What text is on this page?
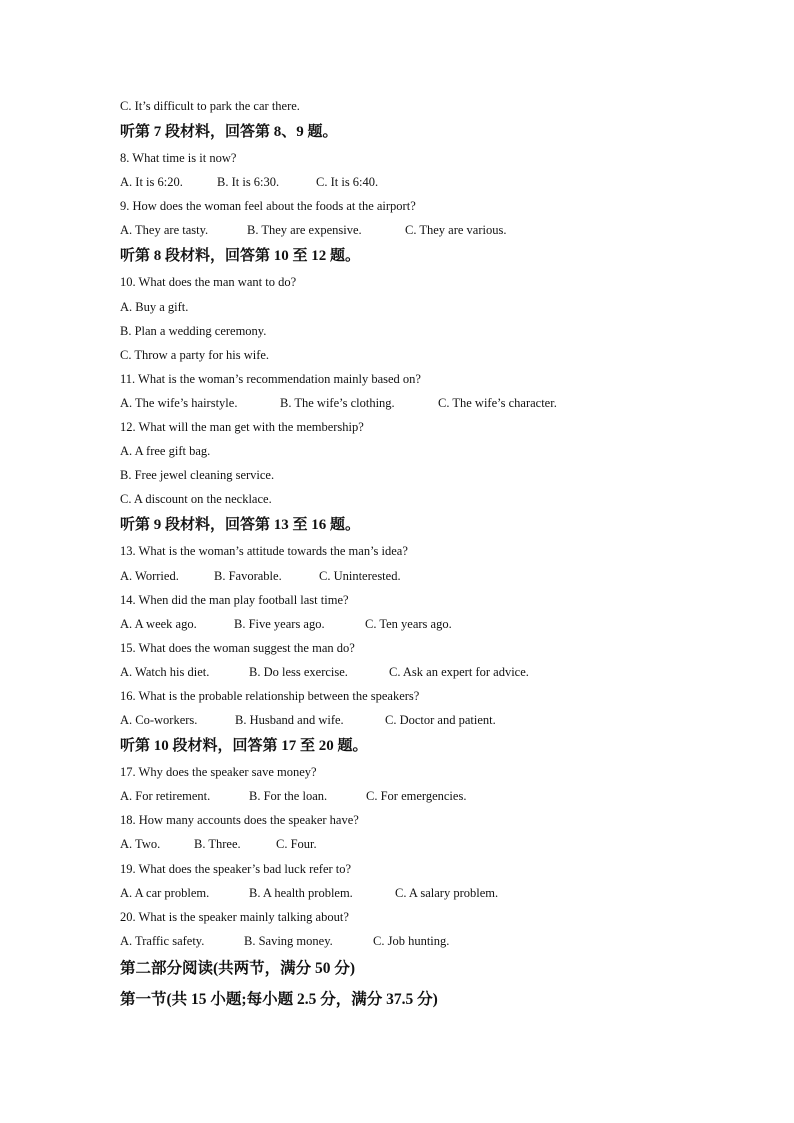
C. It’s difficult to park the car there.
听第 7 段材料，回答第 8、9 题。
8. What time is it now?
A. It is 6:20.	B. It is 6:30.	C. It is 6:40.
9. How does the woman feel about the foods at the airport?
A. They are tasty.	B. They are expensive.	C. They are various.
听第 8 段材料，回答第 10 至 12 题。
10. What does the man want to do?
A. Buy a gift.
B. Plan a wedding ceremony.
C. Throw a party for his wife.
11. What is the woman’s recommendation mainly based on?
A. The wife’s hairstyle.	B. The wife’s clothing.	C. The wife’s character.
12. What will the man get with the membership?
A. A free gift bag.
B. Free jewel cleaning service.
C. A discount on the necklace.
听第 9 段材料，回答第 13 至 16 题。
13. What is the woman’s attitude towards the man’s idea?
A. Worried.	B. Favorable.	C. Uninterested.
14. When did the man play football last time?
A. A week ago.	B. Five years ago.	C. Ten years ago.
15. What does the woman suggest the man do?
A. Watch his diet.	B. Do less exercise.	C. Ask an expert for advice.
16. What is the probable relationship between the speakers?
A. Co-workers.	B. Husband and wife.	C. Doctor and patient.
听第 10 段材料，回答第 17 至 20 题。
17. Why does the speaker save money?
A. For retirement.	B. For the loan.	C. For emergencies.
18. How many accounts does the speaker have?
A. Two.	B. Three.	C. Four.
19. What does the speaker’s bad luck refer to?
A. A car problem.	B. A health problem.	C. A salary problem.
20. What is the speaker mainly talking about?
A. Traffic safety.	B. Saving money.	C. Job hunting.
第二部分阅读(共两节，满分 50 分)
第一节(共 15 小题;每小题 2.5 分，满分 37.5 分)
